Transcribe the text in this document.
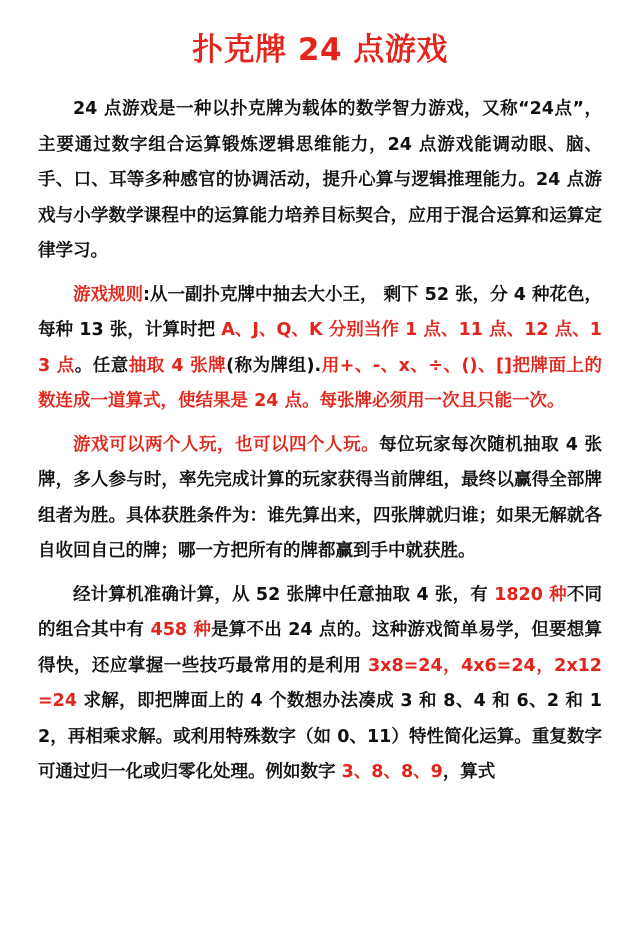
扑克牌 24 点游戏

24 点游戏是一种以扑克牌为载体的数学智力游戏，又称“24点”，主要通过数字组合运算锻炼逻辑思维能力，24 点游戏能调动眼、脑、手、口、耳等多种感官的协调活动，提升心算与逻辑推理能力。24 点游戏与小学数学课程中的运算能力培养目标契合，应用于混合运算和运算定律学习。

游戏规则:从一副扑克牌中抽去大小王， 剩下 52 张，分 4 种花色，每种 13 张，计算时把 A、J、Q、K 分别当作 1 点、11 点、12 点、13 点。任意抽取 4 张牌(称为牌组).用+、-、x、÷、()、[]把牌面上的数连成一道算式，使结果是 24 点。每张牌必须用一次且只能一次。

游戏可以两个人玩，也可以四个人玩。每位玩家每次随机抽取 4 张牌，多人参与时，率先完成计算的玩家获得当前牌组，最终以赢得全部牌组者为胜。具体获胜条件为：谁先算出来，四张牌就归谁；如果无解就各自收回自己的牌；哪一方把所有的牌都赢到手中就获胜。

经计算机准确计算，从 52 张牌中任意抽取 4 张，有 1820 种不同的组合其中有 458 种是算不出 24 点的。这种游戏简单易学，但要想算得快，还应掌握一些技巧最常用的是利用 3x8=24，4x6=24，2x12=24 求解，即把牌面上的 4 个数想办法凑成 3 和 8、4 和 6、2 和 12，再相乘求解。或利用特殊数字（如 0、11）特性简化运算。重复数字可通过归一化或归零化处理。例如数字 3、8、8、9，算式
